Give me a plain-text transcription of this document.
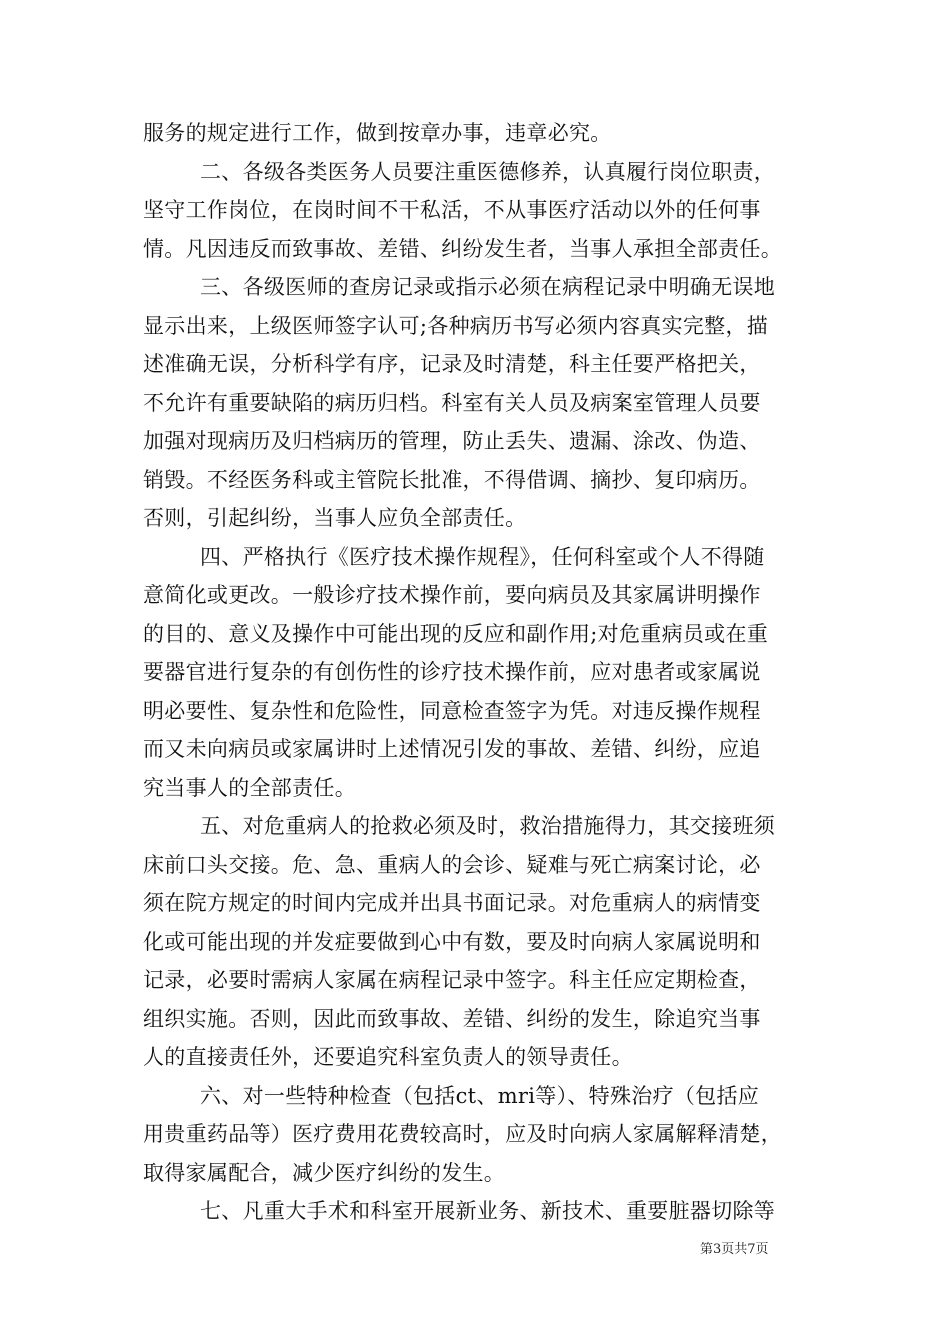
服务的规定进行工作，做到按章办事，违章必究。
二、各级各类医务人员要注重医德修养，认真履行岗位职责，
坚守工作岗位，在岗时间不干私活，不从事医疗活动以外的任何事
情。凡因违反而致事故、差错、纠纷发生者，当事人承担全部责任。
三、各级医师的查房记录或指示必须在病程记录中明确无误地
显示出来，上级医师签字认可;各种病历书写必须内容真实完整，描
述准确无误，分析科学有序，记录及时清楚，科主任要严格把关，
不允许有重要缺陷的病历归档。科室有关人员及病案室管理人员要
加强对现病历及归档病历的管理，防止丢失、遗漏、涂改、伪造、
销毁。不经医务科或主管院长批准，不得借调、摘抄、复印病历。
否则，引起纠纷，当事人应负全部责任。
四、严格执行《医疗技术操作规程》，任何科室或个人不得随
意简化或更改。一般诊疗技术操作前，要向病员及其家属讲明操作
的目的、意义及操作中可能出现的反应和副作用;对危重病员或在重
要器官进行复杂的有创伤性的诊疗技术操作前，应对患者或家属说
明必要性、复杂性和危险性，同意检查签字为凭。对违反操作规程
而又未向病员或家属讲时上述情况引发的事故、差错、纠纷，应追
究当事人的全部责任。
五、对危重病人的抢救必须及时，救治措施得力，其交接班须
床前口头交接。危、急、重病人的会诊、疑难与死亡病案讨论，必
须在院方规定的时间内完成并出具书面记录。对危重病人的病情变
化或可能出现的并发症要做到心中有数，要及时向病人家属说明和
记录，必要时需病人家属在病程记录中签字。科主任应定期检查，
组织实施。否则，因此而致事故、差错、纠纷的发生，除追究当事
人的直接责任外，还要追究科室负责人的领导责任。
六、对一些特种检查（包括ct、mri等）、特殊治疗（包括应
用贵重药品等）医疗费用花费较高时，应及时向病人家属解释清楚，
取得家属配合，减少医疗纠纷的发生。
七、凡重大手术和科室开展新业务、新技术、重要脏器切除等
第3页共7页
